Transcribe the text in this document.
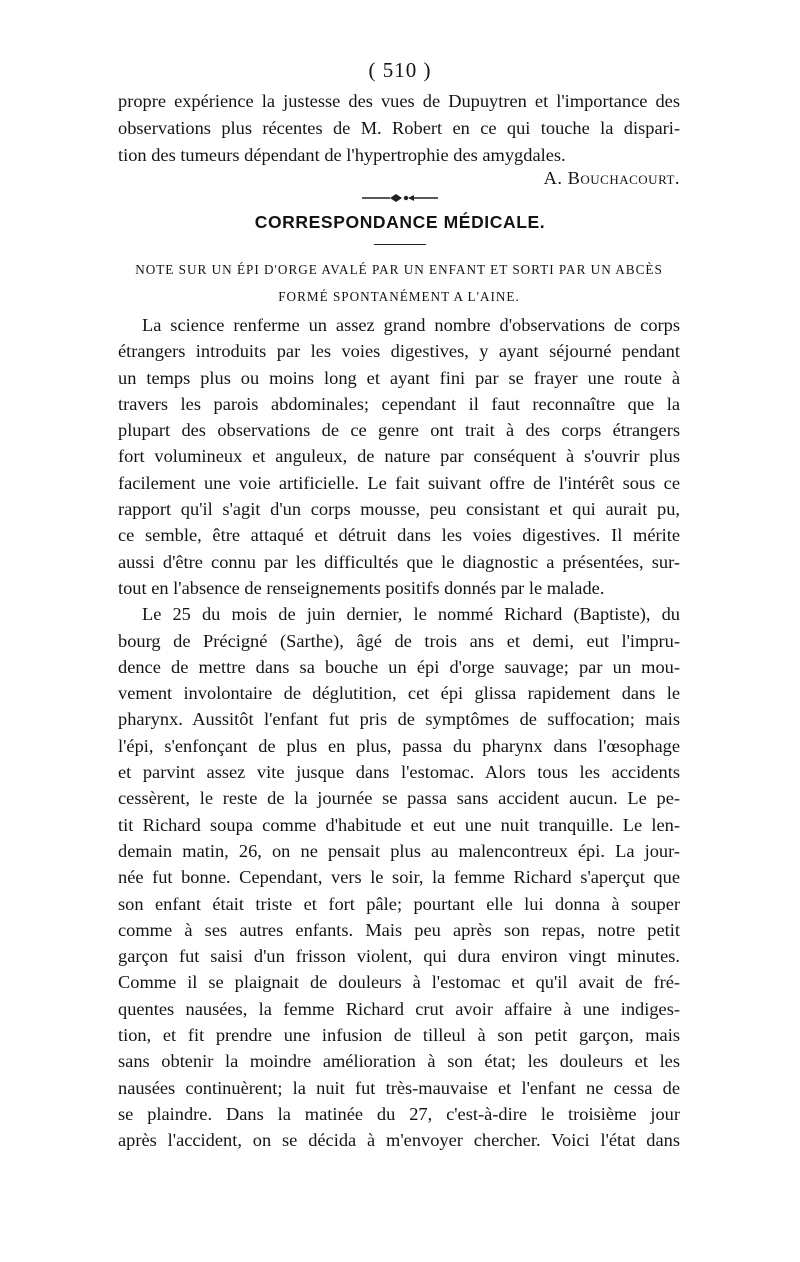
( 510 )
propre expérience la justesse des vues de Dupuytren et l'importance des
observations plus récentes de M. Robert en ce qui touche la dispari-
tion des tumeurs dépendant de l'hypertrophie des amygdales.
A. Bouchacourt.
CORRESPONDANCE MÉDICALE.
NOTE SUR UN ÉPI D'ORGE AVALÉ PAR UN ENFANT ET SORTI PAR UN ABCÈS
FORMÉ SPONTANÉMENT A L'AINE.
La science renferme un assez grand nombre d'observations de corps
étrangers introduits par les voies digestives, y ayant séjourné pendant
un temps plus ou moins long et ayant fini par se frayer une route à
travers les parois abdominales; cependant il faut reconnaître que la
plupart des observations de ce genre ont trait à des corps étrangers
fort volumineux et anguleux, de nature par conséquent à s'ouvrir plus
facilement une voie artificielle. Le fait suivant offre de l'intérêt sous ce
rapport qu'il s'agit d'un corps mousse, peu consistant et qui aurait pu,
ce semble, être attaqué et détruit dans les voies digestives. Il mérite
aussi d'être connu par les difficultés que le diagnostic a présentées, sur-
tout en l'absence de renseignements positifs donnés par le malade.
Le 25 du mois de juin dernier, le nommé Richard (Baptiste), du
bourg de Précigné (Sarthe), âgé de trois ans et demi, eut l'impru-
dence de mettre dans sa bouche un épi d'orge sauvage; par un mou-
vement involontaire de déglutition, cet épi glissa rapidement dans le
pharynx. Aussitôt l'enfant fut pris de symptômes de suffocation; mais
l'épi, s'enfonçant de plus en plus, passa du pharynx dans l'œsophage
et parvint assez vite jusque dans l'estomac. Alors tous les accidents
cessèrent, le reste de la journée se passa sans accident aucun. Le pe-
tit Richard soupa comme d'habitude et eut une nuit tranquille. Le len-
demain matin, 26, on ne pensait plus au malencontreux épi. La jour-
née fut bonne. Cependant, vers le soir, la femme Richard s'aperçut que
son enfant était triste et fort pâle; pourtant elle lui donna à souper
comme à ses autres enfants. Mais peu après son repas, notre petit
garçon fut saisi d'un frisson violent, qui dura environ vingt minutes.
Comme il se plaignait de douleurs à l'estomac et qu'il avait de fré-
quentes nausées, la femme Richard crut avoir affaire à une indiges-
tion, et fit prendre une infusion de tilleul à son petit garçon, mais
sans obtenir la moindre amélioration à son état; les douleurs et les
nausées continuèrent; la nuit fut très-mauvaise et l'enfant ne cessa de
se plaindre. Dans la matinée du 27, c'est-à-dire le troisième jour
après l'accident, on se décida à m'envoyer chercher. Voici l'état dans
